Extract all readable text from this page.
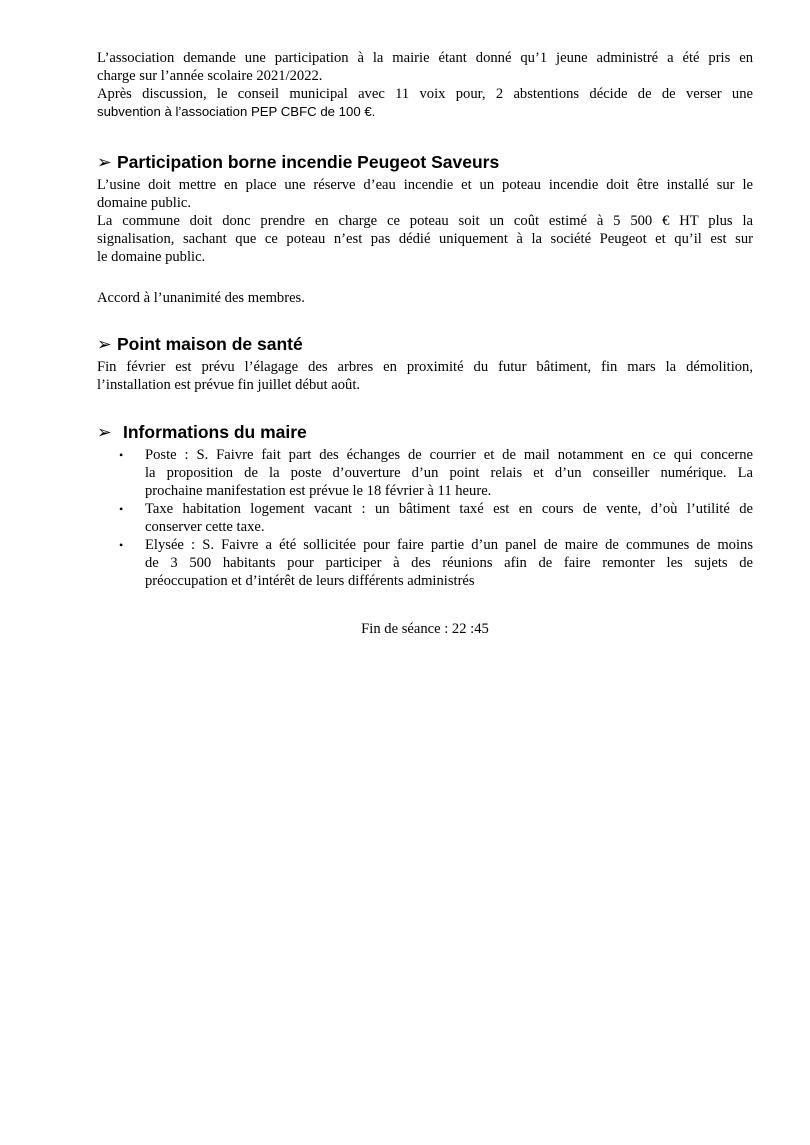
L’association demande une participation à la mairie étant donné qu’1 jeune administré a été pris en
charge sur l’année scolaire 2021/2022.
Après discussion, le conseil municipal avec 11 voix pour, 2 abstentions décide de de verser une
subvention à l’association PEP CBFC de 100 €.
➢ Participation borne incendie Peugeot Saveurs
L’usine doit mettre en place une réserve d’eau incendie et un poteau incendie doit être installé sur le
domaine public.
La commune doit donc prendre en charge ce poteau soit un coût estimé à 5 500 € HT plus la
signalisation, sachant que ce poteau n’est pas dédié uniquement à la société Peugeot et qu’il est sur
le domaine public.
Accord à l’unanimité des membres.
➢ Point maison de santé
Fin février est prévu l’élagage des arbres en proximité du futur bâtiment, fin mars la démolition,
l’installation est prévue fin juillet début août.
➢ Informations du maire
• Poste : S. Faivre fait part des échanges de courrier et de mail notamment en ce qui concerne
la proposition de la poste d’ouverture d’un point relais et d’un conseiller numérique. La
prochaine manifestation est prévue le 18 février à 11 heure.
• Taxe habitation logement vacant : un bâtiment taxé est en cours de vente, d’où l’utilité de
conserver cette taxe.
• Elysée : S. Faivre a été sollicitée pour faire partie d’un panel de maire de communes de moins
de 3 500 habitants pour participer à des réunions afin de faire remonter les sujets de
préoccupation et d’intérêt de leurs différents administrés
Fin de séance : 22 :45
